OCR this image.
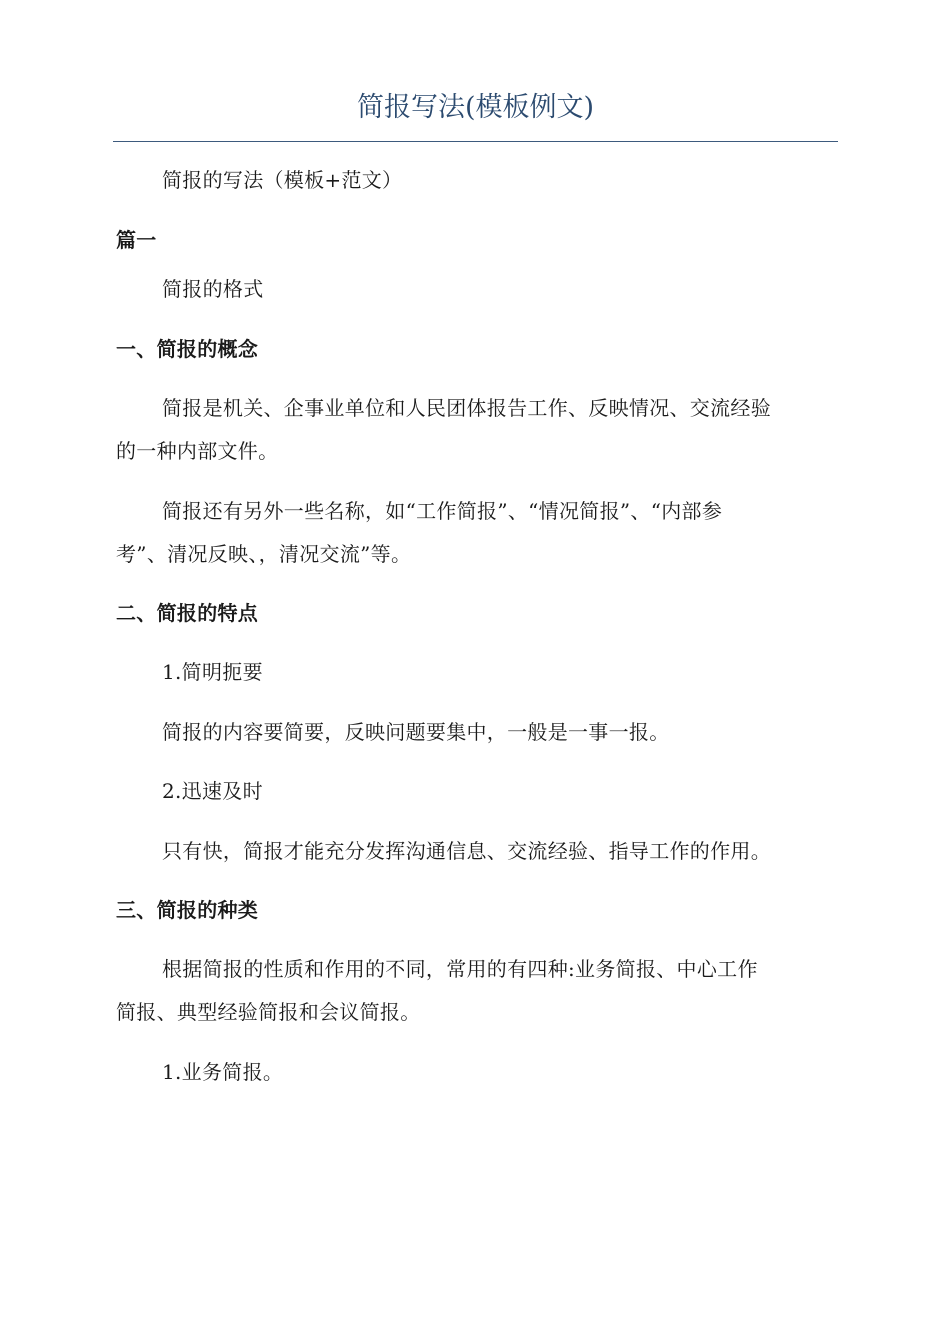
简报写法(模板例文)
简报的写法（模板+范文）
篇一
简报的格式
一、简报的概念
简报是机关、企事业单位和人民团体报告工作、反映情况、交流经验
的一种内部文件。
简报还有另外一些名称，如“工作简报”、“情况简报”、“内部参
考”、清况反映、，清况交流”等。
二、简报的特点
1.简明扼要
简报的内容要简要，反映问题要集中，一般是一事一报。
2.迅速及时
只有快，简报才能充分发挥沟通信息、交流经验、指导工作的作用。
三、简报的种类
根据简报的性质和作用的不同，常用的有四种:业务简报、中心工作
简报、典型经验简报和会议简报。
1.业务简报。
